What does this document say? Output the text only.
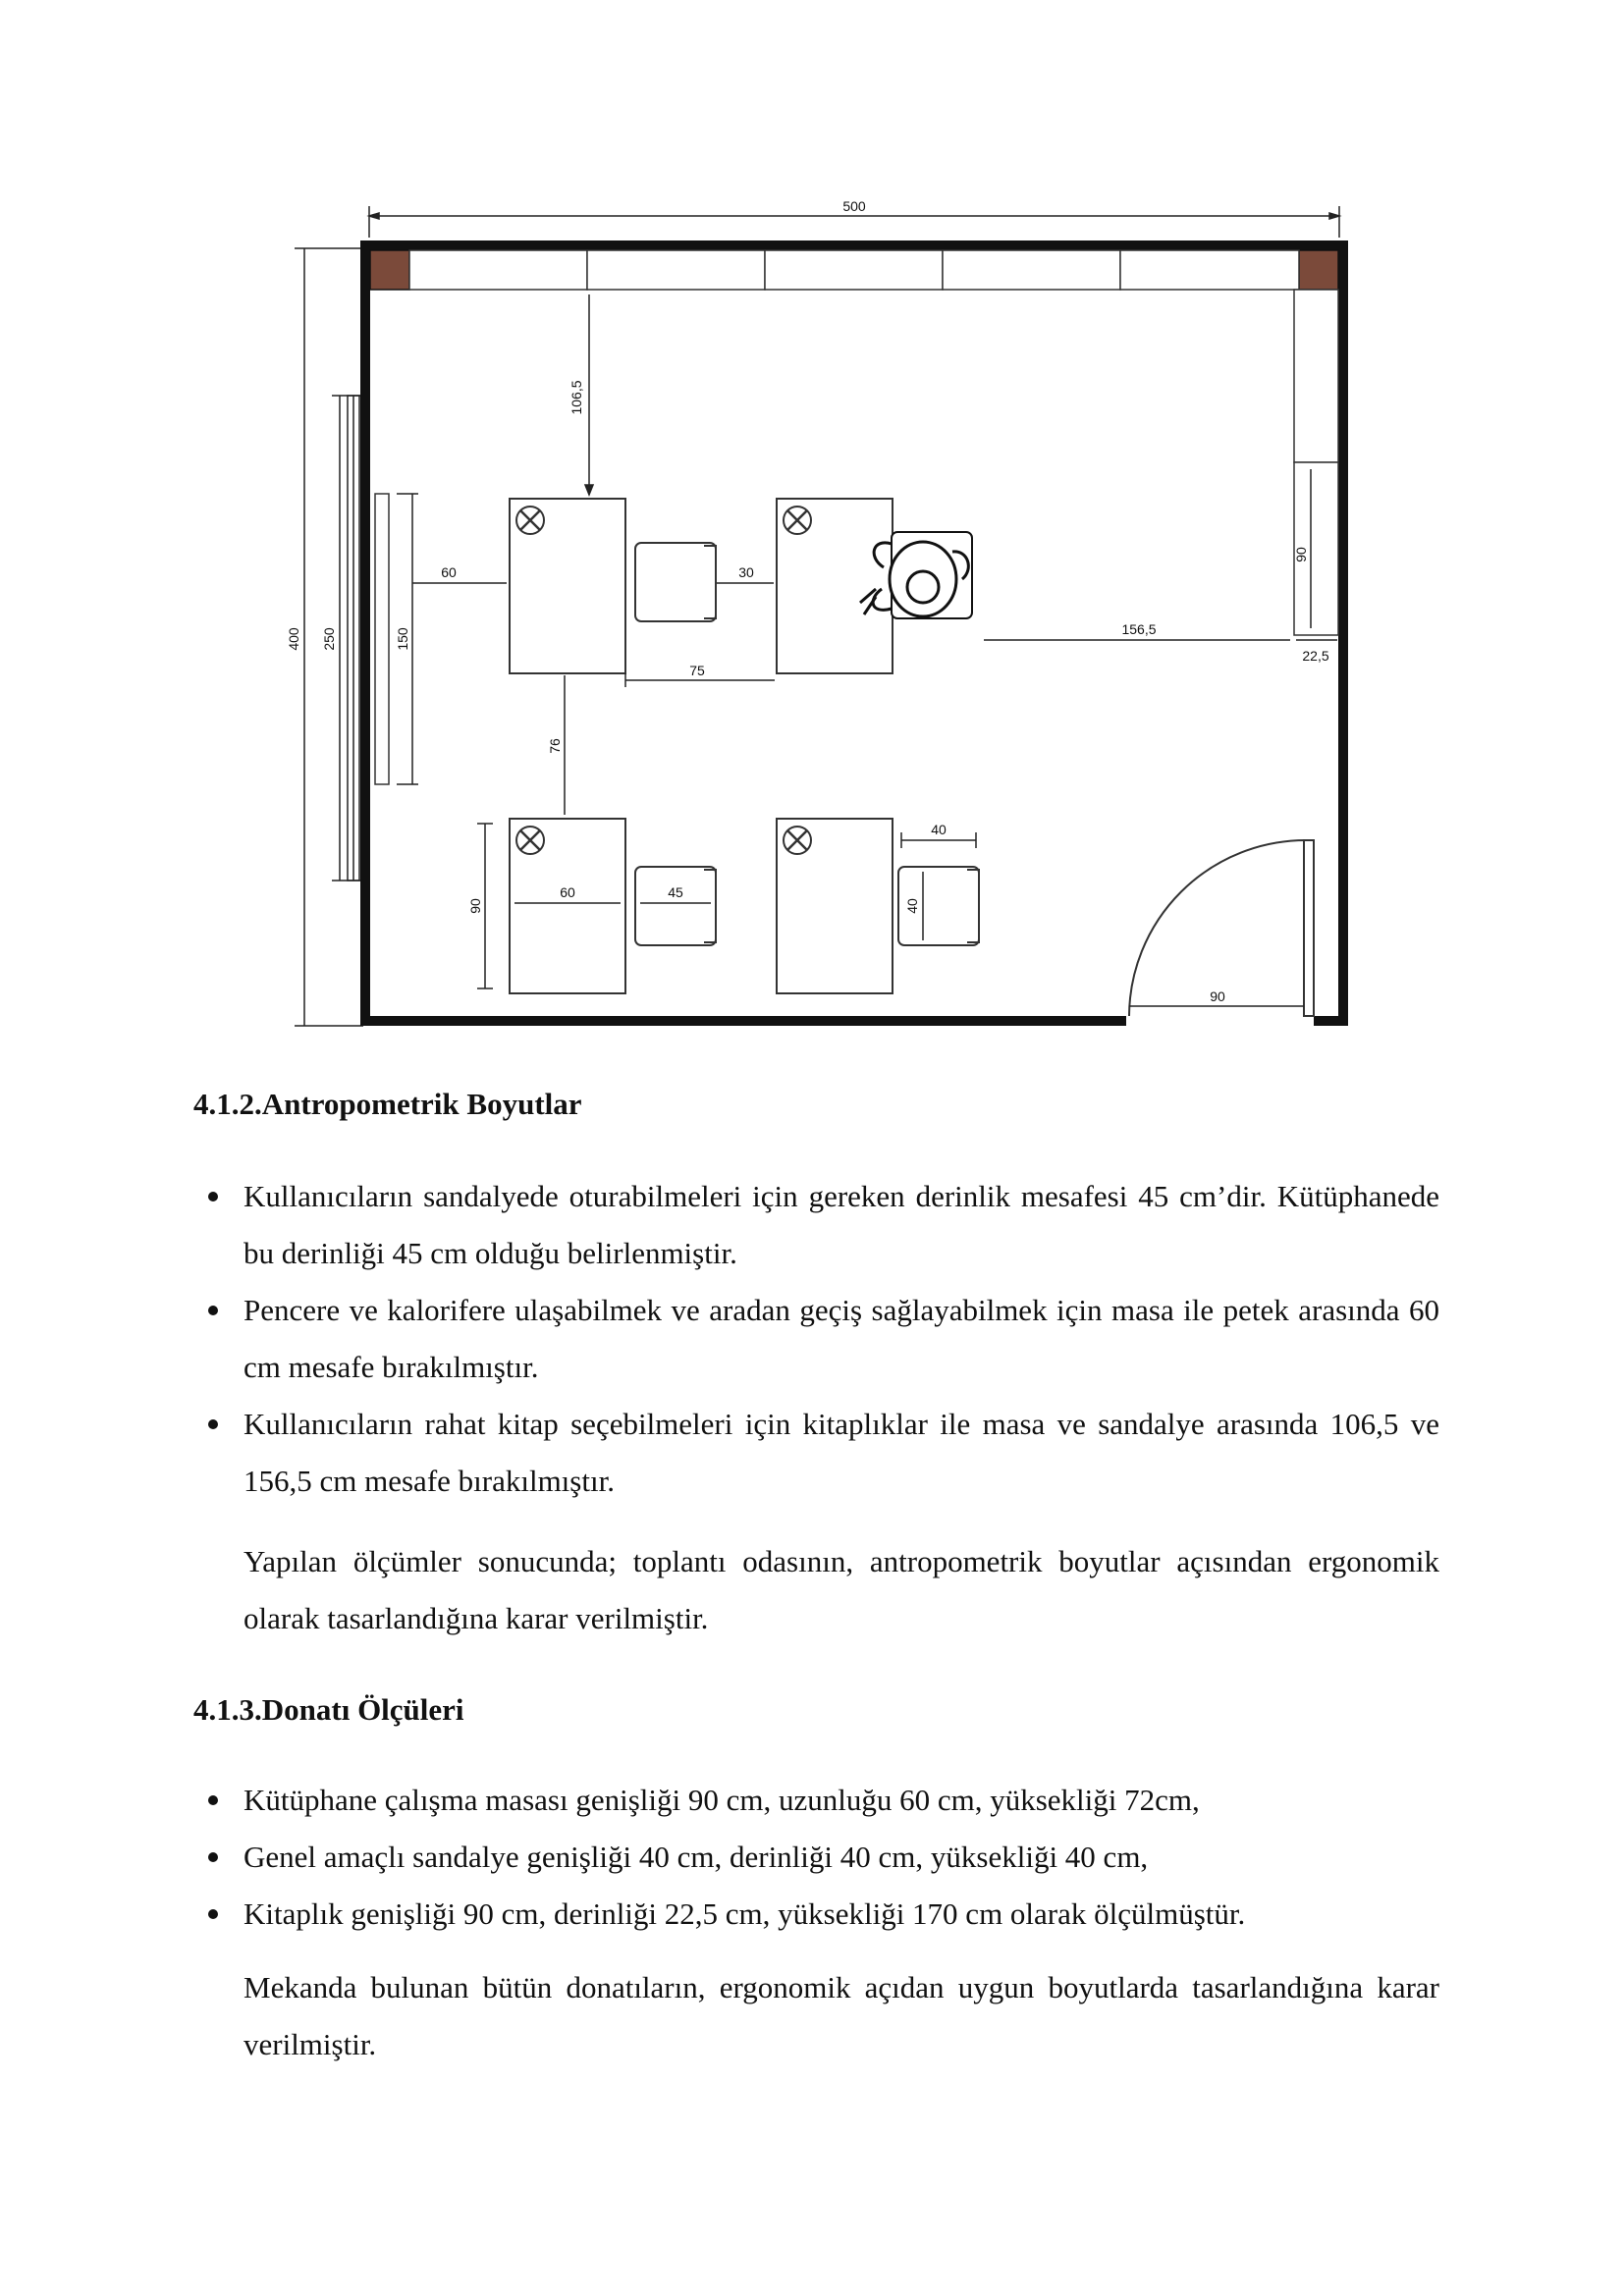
500
400 250	150
90
22,5
106,5
60	30
75
76
156,5
90
60	45
40
40
90
4.1.2.Antropometrik Boyutlar
Kullanıcıların sandalyede oturabilmeleri için gereken derinlik mesafesi 45 cm’dir. Kütüphanede bu derinliği 45 cm olduğu belirlenmiştir.
Pencere ve kalorifere ulaşabilmek ve aradan geçiş sağlayabilmek için masa ile petek arasında 60 cm mesafe bırakılmıştır.
Kullanıcıların rahat kitap seçebilmeleri için kitaplıklar ile masa ve sandalye arasında 106,5 ve 156,5 cm mesafe bırakılmıştır.

Yapılan ölçümler sonucunda; toplantı odasının, antropometrik boyutlar açısından ergonomik olarak tasarlandığına karar verilmiştir.

4.1.3.Donatı Ölçüleri
Kütüphane çalışma masası genişliği 90 cm, uzunluğu 60 cm, yüksekliği 72cm,
Genel amaçlı sandalye genişliği 40 cm, derinliği 40 cm, yüksekliği 40 cm,
Kitaplık genişliği 90 cm, derinliği 22,5 cm, yüksekliği 170 cm olarak ölçülmüştür.

Mekanda bulunan bütün donatıların, ergonomik açıdan uygun boyutlarda tasarlandığına karar verilmiştir.
